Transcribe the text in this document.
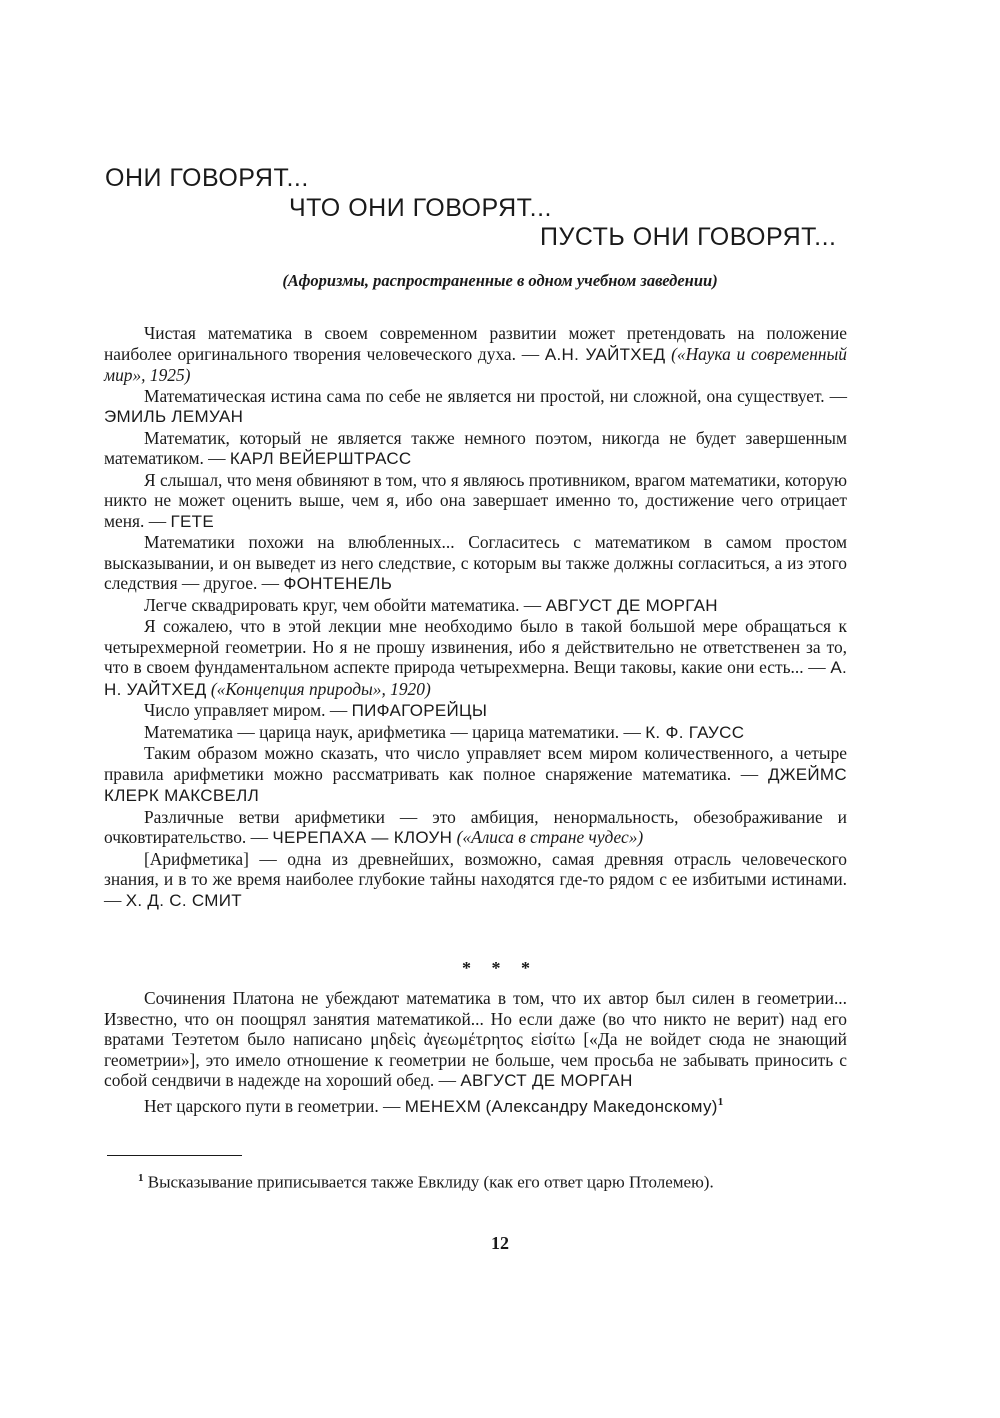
ОНИ ГОВОРЯТ...
ЧТО ОНИ ГОВОРЯТ...
ПУСТЬ ОНИ ГОВОРЯТ...
(Афоризмы, распространенные в одном учебном заведении)

Чистая математика в своем современном развитии может претендовать на положение наиболее оригинального творения человеческого духа. — А.Н. УАЙТХЕД («Наука и современный мир», 1925)

Математическая истина сама по себе не является ни простой, ни сложной, она существует. — ЭМИЛЬ ЛЕМУАН

Математик, который не является также немного поэтом, никогда не будет завершенным математиком. — КАРЛ ВЕЙЕРШТРАСС

Я слышал, что меня обвиняют в том, что я являюсь противником, врагом математики, которую никто не может оценить выше, чем я, ибо она завершает именно то, достижение чего отрицает меня. — ГЕТЕ

Математики похожи на влюбленных... Согласитесь с математиком в самом простом высказывании, и он выведет из него следствие, с которым вы также должны согласиться, а из этого следствия — другое. — ФОНТЕНЕЛЬ

Легче сквадрировать круг, чем обойти математика. — АВГУСТ ДЕ МОРГАН

Я сожалею, что в этой лекции мне необходимо было в такой большой мере обращаться к четырехмерной геометрии. Но я не прошу извинения, ибо я действительно не ответственен за то, что в своем фундаментальном аспекте природа четырехмерна. Вещи таковы, какие они есть... — А. Н. УАЙТХЕД («Концепция природы», 1920)

Число управляет миром. — ПИФАГОРЕЙЦЫ

Математика — царица наук, арифметика — царица математики. — К. Ф. ГАУСС

Таким образом можно сказать, что число управляет всем миром количественного, а четыре правила арифметики можно рассматривать как полное снаряжение математика. — ДЖЕЙМС КЛЕРК МАКСВЕЛЛ

Различные ветви арифметики — это амбиция, ненормальность, обезображивание и очковтирательство. — ЧЕРЕПАХА — КЛОУН («Алиса в стране чудес»)

[Арифметика] — одна из древнейших, возможно, самая древняя отрасль человеческого знания, и в то же время наиболее глубокие тайны находятся где-то рядом с ее избитыми истинами. — Х. Д. С. СМИТ

* * *

Сочинения Платона не убеждают математика в том, что их автор был силен в геометрии... Известно, что он поощрял занятия математикой... Но если даже (во что никто не верит) над его вратами Теэтетом было написано μηδεὶς ἀγεωμέτρητος εἰσίτω [«Да не войдет сюда не знающий геометрии»], это имело отношение к геометрии не больше, чем просьба не забывать приносить с собой сендвичи в надежде на хороший обед. — АВГУСТ ДЕ МОРГАН

Нет царского пути в геометрии. — МЕНЕХМ (Александру Македонскому)$^1$

$^1$ Высказывание приписывается также Евклиду (как его ответ царю Птолемею).

12
